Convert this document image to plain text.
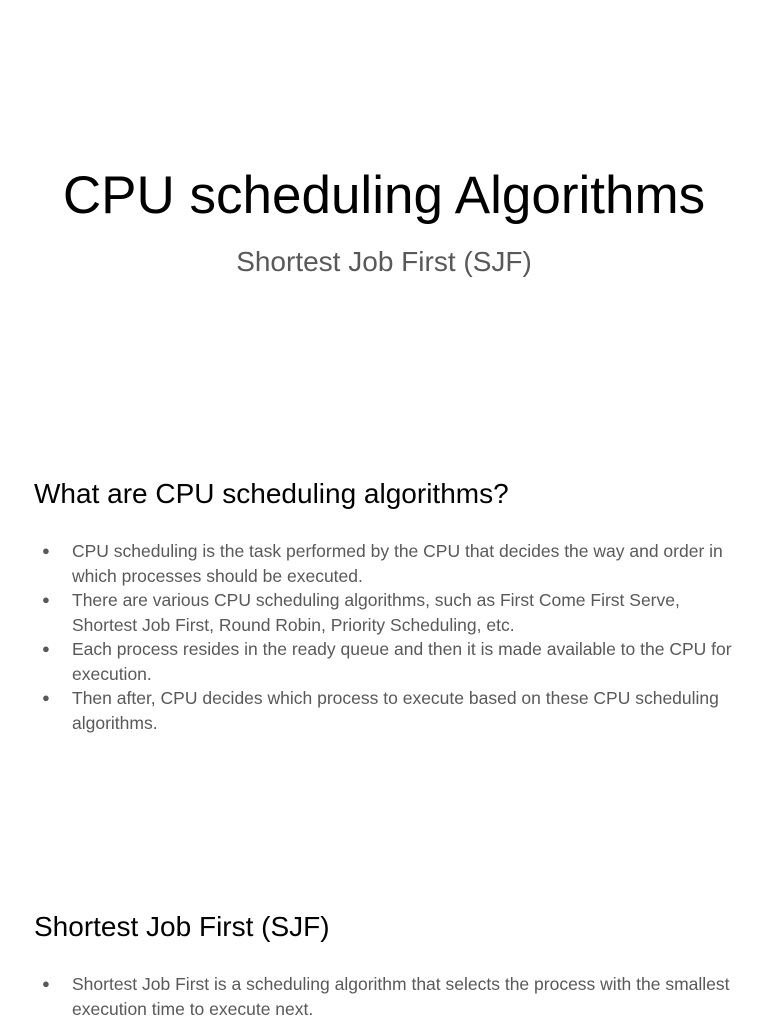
CPU scheduling Algorithms
Shortest Job First (SJF)
What are CPU scheduling algorithms?
● CPU scheduling is the task performed by the CPU that decides the way and order in which processes should be executed.
● There are various CPU scheduling algorithms, such as First Come First Serve, Shortest Job First, Round Robin, Priority Scheduling, etc.
● Each process resides in the ready queue and then it is made available to the CPU for execution.
● Then after, CPU decides which process to execute based on these CPU scheduling algorithms.
Shortest Job First (SJF)
● Shortest Job First is a scheduling algorithm that selects the process with the smallest execution time to execute next.
